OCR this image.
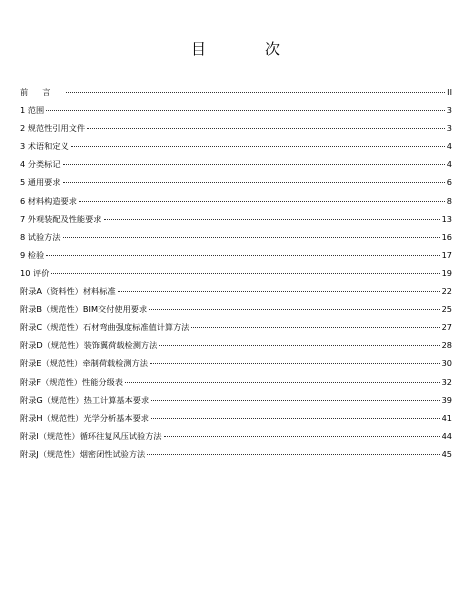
目　次
前言	II
1 范围	3
2 规范性引用文件	3
3 术语和定义	4
4 分类标记	4
5 通用要求	6
6 材料构造要求	8
7 外观装配及性能要求	13
8 试验方法	16
9 检验	17
10 评价	19
附录A（资料性）材料标准	22
附录B（规范性）BIM交付使用要求	25
附录C（规范性）石材弯曲强度标准值计算方法	27
附录D（规范性）装饰翼荷载检测方法	28
附录E（规范性）牵制荷载检测方法	30
附录F（规范性）性能分级表	32
附录G（规范性）热工计算基本要求	39
附录H（规范性）光学分析基本要求	41
附录I（规范性）循环往复风压试验方法	44
附录J（规范性）烟密闭性试验方法	45
